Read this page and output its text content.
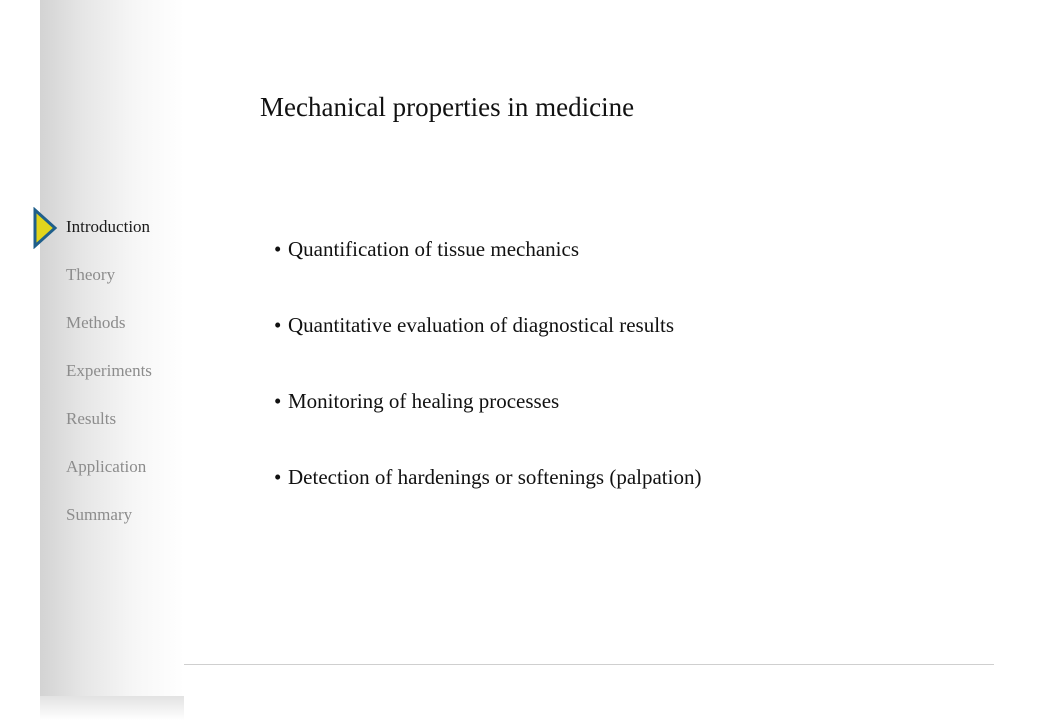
Introduction
Theory
Methods
Experiments
Results
Application
Summary
Mechanical properties in medicine
• Quantification of tissue mechanics
• Quantitative evaluation of diagnostical results
• Monitoring of healing processes
• Detection of hardenings or softenings (palpation)
